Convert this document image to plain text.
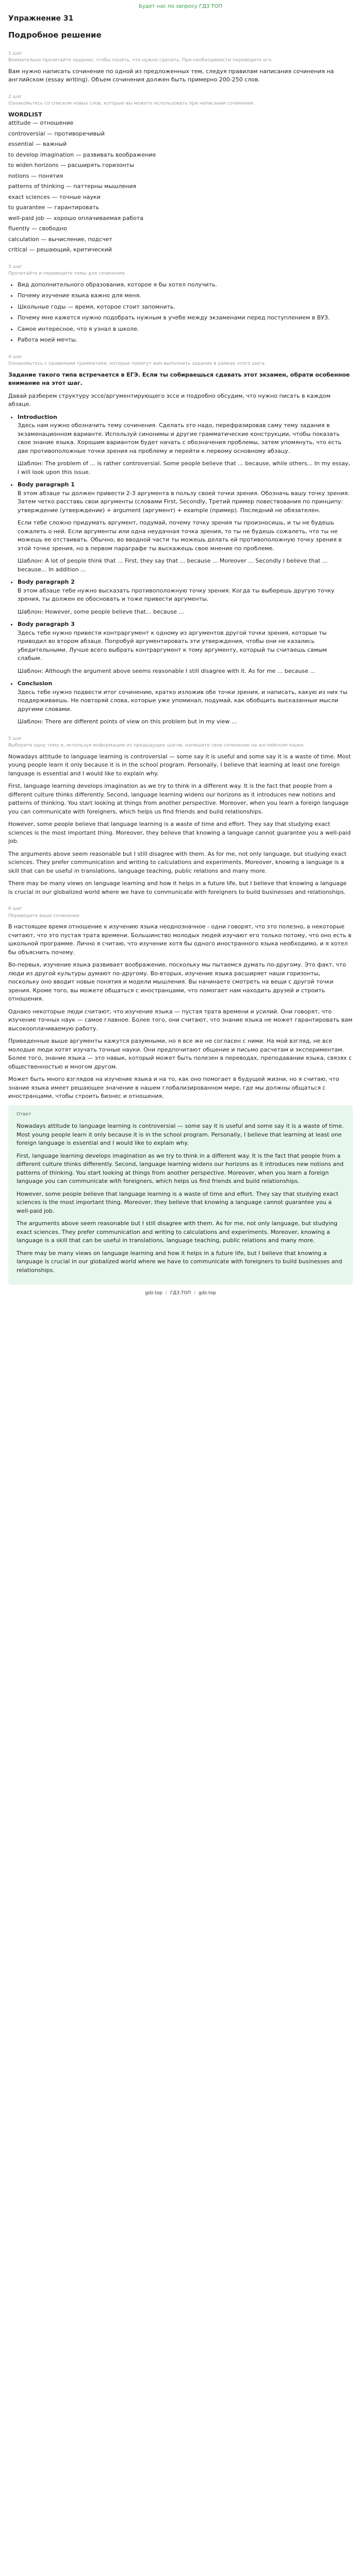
Будет нас по запросу ГДЗ ТОП
Упражнение 31
Подробное решение
1 шаг
Внимательно прочитайте задание, чтобы понять, что нужно сделать. При необходимости переведите его.

Вам нужно написать сочинение по одной из предложенных тем, следуя правилам написания сочинения на английском (essay writing). Объем сочинения должен быть примерно 200-250 слов.

2 шаг
Ознакомьтесь со списком новых слов, которые вы можете использовать при написании сочинения.
WORDLIST
attitude — отношение
controversial — противоречивый
essential — важный
to develop imagination — развивать воображение
to widen horizons — расширять горизонты
notions — понятия
patterns of thinking — паттерны мышления
exact sciences — точные науки
to guarantee — гарантировать
well-paid job — хорошо оплачиваемая работа
fluently — свободно
calculation — вычисление, подсчет
critical — решающий, критический
3 шаг
Прочитайте и переведите темы для сочинения.
• Вид дополнительного образования, которое я бы хотел получить.
• Почему изучение языка важно для меня.
• Школьные годы — время, которое стоит запомнить.
• Почему мне кажется нужно подобрать нужным в учебе между экзаменами перед поступлением в ВУЗ.
• Самое интересное, что я узнал в школе.
• Работа моей мечты.
4 шаг
Ознакомьтесь с правилами грамматики, которые помогут вам выполнить задание в рамках этого шага.

Задание такого типа встречается в ЕГЭ. Если ты собираешься сдавать этот экзамен, обрати особенное внимание на этот шаг.

Давай разберем структуру эссе/аргументирующего эссе и подробно обсудим, что нужно писать в каждом абзаце.

• Introduction

Здесь нам нужно обозначить тему сочинения. Сделать это надо, перефразировав саму тему задания в экзаменационном варианте. Используй синонимы и другие грамматические конструкции, чтобы показать свое знание языка. Хорошим вариантом будет начать с обозначения проблемы, затем упомянуть, что есть две противоположные точки зрения на проблему и перейти к первому основному абзацу.

Шаблон: The problem of ... is rather controversial. Some people believe that ... because, while others... In my essay, I will look upon this issue.

• Body paragraph 1

В этом абзаце ты должен привести 2-3 аргумента в пользу своей точки зрения. Обозначь вашу точку зрения. Затем четко расставь свои аргументы (словами First, Secondly, Третий пример повествования по принципу: утверждение (утверждение) + argument (аргумент) + example (пример). Последний не обязателен.

Если тебе сложно придумать аргумент, подумай, почему точку зрения ты произносишь, и ты не будешь сожалеть о ней. Если аргументы или одна неудачная точка зрения, то ты не будешь сожалеть, что ты не можешь ее отстаивать. Обычно, во вводной части ты можешь делать ей противоположную точку зрения в этой точке зрения, но в первом параграфе ты выскажешь свое мнение по проблеме.

Шаблон: A lot of people think that ... First, they say that ... because ... Moreover ... Secondly I believe that ... because... In addition ...

• Body paragraph 2

В этом абзаце тебе нужно высказать противоположную точку зрения. Когда ты выберешь другую точку зрения, ты должен ее обосновать и тоже привести аргументы.

Шаблон: However, some people believe that... because ...

• Body paragraph 3

Здесь тебе нужно привести контраргумент к одному из аргументов другой точки зрения, которые ты приводил во втором абзаце. Попробуй аргументировать эти утверждения, чтобы они не казались убедительными. Лучше всего выбрать контраргумент к тому аргументу, который ты считаешь самым слабым.

Шаблон: Although the argument above seems reasonable I still disagree with it. As for me ... because ...

• Conclusion

Здесь тебе нужно подвести итог сочинению, кратко изложив обе точки зрения, и написать, какую из них ты поддерживаешь. Не повторяй слова, которые уже упоминал, подумай, как обобщить высказанные мысли другими словами.

Шаблон: There are different points of view on this problem but in my view ...

5 шаг
Выберите одну тему и, используя информацию из предыдущих шагов, напишите свое сочинение на английском языке.

Nowadays attitude to language learning is controversial — some say it is useful and some say it is a waste of time. Most young people learn it only because it is in the school program. Personally, I believe that learning at least one foreign language is essential and I would like to explain why.

First, language learning develops imagination as we try to think in a different way. It is the fact that people from a different culture thinks differently. Second, language learning widens our horizons as it introduces new notions and patterns of thinking. You start looking at things from another perspective. Moreover, when you learn a foreign language you can communicate with foreigners, which helps us find friends and build relationships.

However, some people believe that language learning is a waste of time and effort. They say that studying exact sciences is the most important thing. Moreover, they believe that knowing a language cannot guarantee you a well-paid job.

The arguments above seem reasonable but I still disagree with them. As for me, not only language, but studying exact sciences. They prefer communication and writing to calculations and experiments. Moreover, knowing a language is a skill that can be useful in translations, language teaching, public relations and many more.

There may be many views on language learning and how it helps in a future life, but I believe that knowing a language is crucial in our globalized world where we have to communicate with foreigners to build businesses and relationships.

6 шаг
Переведите ваше сочинение.

В настоящее время отношение к изучению языка неоднозначное - одни говорят, что это полезно, а некоторые считают, что это пустая трата времени. Большинство молодых людей изучают его только потому, что оно есть в школьной программе. Лично я считаю, что изучение хотя бы одного иностранного языка необходимо, и я хотел бы объяснить почему.

Во-первых, изучение языка развивает воображение, поскольку мы пытаемся думать по-другому. Это факт, что люди из другой культуры думают по-другому. Во-вторых, изучение языка расширяет наши горизонты, поскольку оно вводит новые понятия и модели мышления. Вы начинаете смотреть на вещи с другой точки зрения. Кроме того, вы можете общаться с иностранцами, что помогает нам находить друзей и строить отношения.

Однако некоторые люди считают, что изучение языка — пустая трата времени и усилий. Они говорят, что изучение точных наук — самое главное. Более того, они считают, что знание языка не может гарантировать вам высокооплачиваемую работу.

Приведенные выше аргументы кажутся разумными, но я все же не согласен с ними. На мой взгляд, не все молодые люди хотят изучать точные науки. Они предпочитают общение и письмо расчетам и экспериментам. Более того, знание языка — это навык, который может быть полезен в переводах, преподавании языка, связях с общественностью и многом другом.

Может быть много взглядов на изучение языка и на то, как оно помогает в будущей жизни, но я считаю, что знание языка имеет решающее значение в нашем глобализированном мире, где мы должны общаться с иностранцами, чтобы строить бизнес и отношения.

Ответ

Nowadays attitude to language learning is controversial — some say it is useful and some say it is a waste of time. Most young people learn it only because it is in the school program. Personally, I believe that learning at least one foreign language is essential and I would like to explain why.

First, language learning develops imagination as we try to think in a different way. It is the fact that people from a different culture thinks differently. Second, language learning widens our horizons as it introduces new notions and patterns of thinking. You start looking at things from another perspective. Moreover, when you learn a foreign language you can communicate with foreigners, which helps us find friends and build relationships.

However, some people believe that language learning is a waste of time and effort. They say that studying exact sciences is the most important thing. Moreover, they believe that knowing a language cannot guarantee you a well-paid job.

The arguments above seem reasonable but I still disagree with them. As for me, not only language, but studying exact sciences. They prefer communication and writing to calculations and experiments. Moreover, knowing a language is a skill that can be useful in translations, language teaching, public relations and many more.

There may be many views on language learning and how it helps in a future life, but I believe that knowing a language is crucial in our globalized world where we have to communicate with foreigners to build businesses and relationships.

gdz.top / ГДЗ.ТОП / gdz.top
